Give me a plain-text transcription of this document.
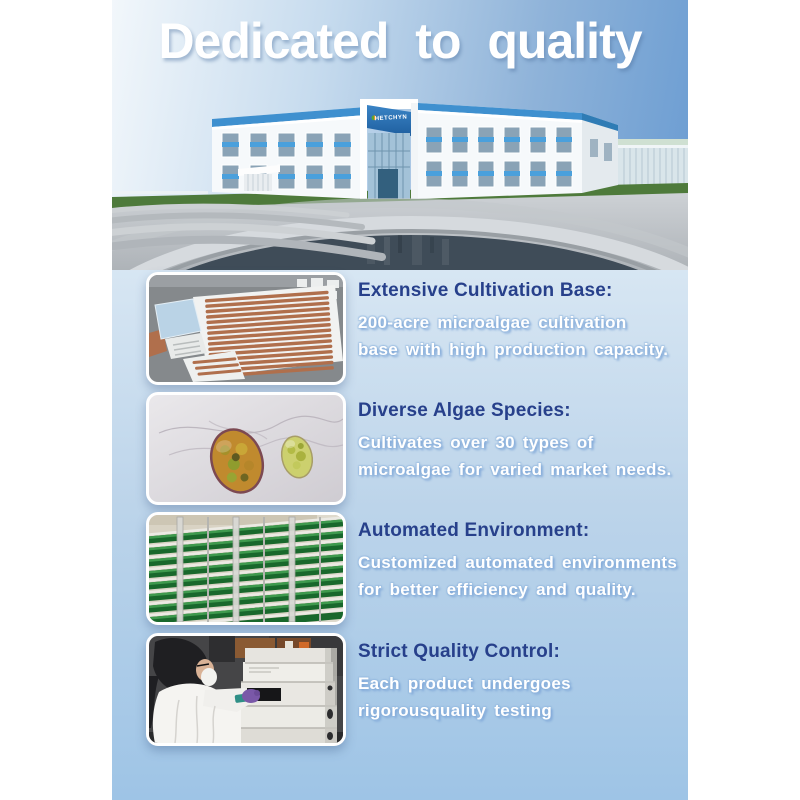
Dedicated to quality
HETCHYN
Extensive Cultivation Base:
200-acre microalgae cultivation
base with high production capacity.
Diverse Algae Species:
Cultivates over 30 types of
microalgae for varied market needs.
Automated Environment:
Customized automated environments
for better efficiency and quality.
Strict Quality Control:
Each product undergoes
rigorousquality testing
